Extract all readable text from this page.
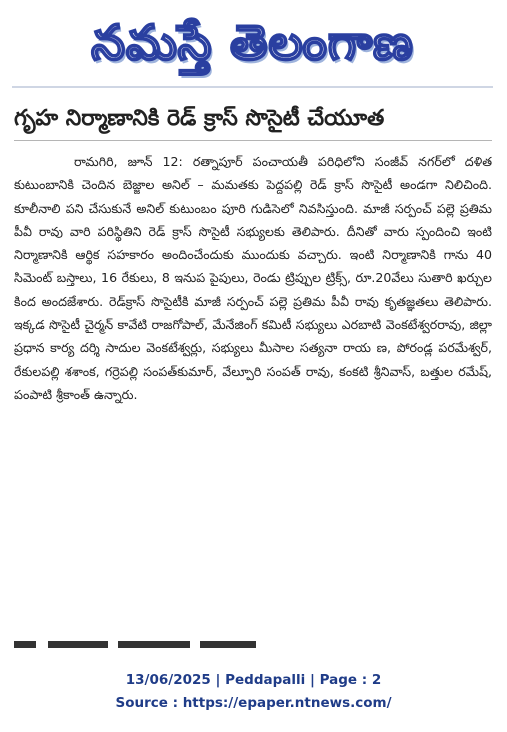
నమస్తే తెలంగాణ
గృహ నిర్మాణానికి రెడ్ క్రాస్ సొసైటీ చేయూత

రామగిరి, జూన్ 12: రత్నాపూర్ పంచాయతీ పరిధిలోని సంజీవ్ నగర్‌లో దళిత కుటుంబానికి చెందిన బెజ్జాల అనిల్ – మమతకు పెద్దపల్లి రెడ్ క్రాస్ సొసైటీ అండగా నిలిచింది. కూలీనాలి పని చేసుకునే అనిల్ కుటుంబం పూరి గుడిసెలో నివసిస్తుంది. మాజీ సర్పంచ్ పల్లె ప్రతిమ పీవీ రావు వారి పరిస్థితిని రెడ్ క్రాస్ సొసైటీ సభ్యులకు తెలిపారు. దీనితో వారు స్పందించి ఇంటి నిర్మాణానికి ఆర్థిక సహకారం అందించేందుకు ముందుకు వచ్చారు. ఇంటి నిర్మాణానికి గాను 40 సిమెంట్ బస్తాలు, 16 రేకులు, 8 ఇనుప పైపులు, రెండు ట్రిప్పుల ట్రిక్స్, రూ.20వేలు సుతారి ఖర్చుల కింద అందజేశారు. రెడ్‌క్రాస్ సొసైటీకి మాజీ సర్పంచ్ పల్లె ప్రతిమ పీవీ రావు కృతజ్ఞతలు తెలిపారు. ఇక్కడ సొసైటీ చైర్మన్ కావేటి రాజగోపాల్, మేనేజింగ్ కమిటీ సభ్యులు ఎరబాటి వెంకటేశ్వరరావు, జిల్లా ప్రధాన కార్య దర్శి సాదుల వెంకటేశ్వర్లు, సభ్యులు మీసాల సత్యనా రాయ ణ, పోరండ్ల పరమేశ్వర్, రేకులపల్లి శశాంక, గర్రెపల్లి సంపత్‌కుమార్, వేల్పూరి సంపత్ రావు, కంకటి శ్రీనివాస్, బత్తుల రమేష్, పంపాటి శ్రీకాంత్ ఉన్నారు.

13/06/2025 | Peddapalli | Page : 2
Source : https://epaper.ntnews.com/
